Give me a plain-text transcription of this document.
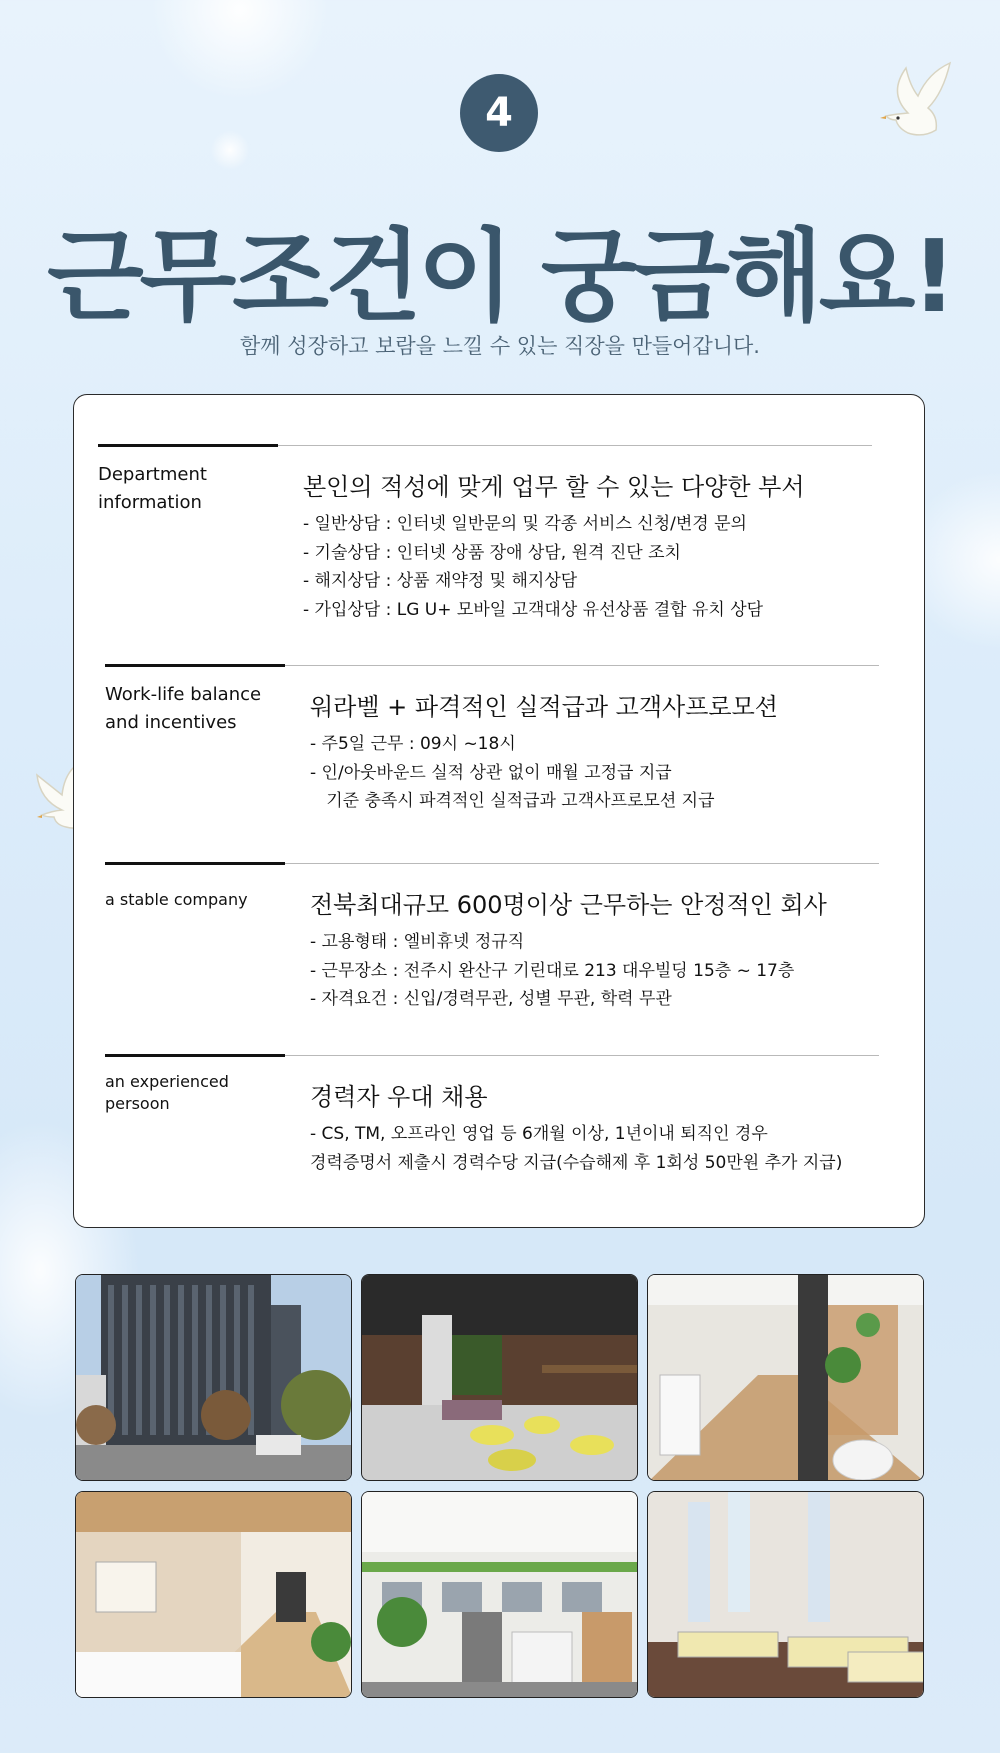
4
근무조건이 궁금해요!
함께 성장하고 보람을 느낄 수 있는 직장을 만들어갑니다.
Department
information
본인의 적성에 맞게 업무 할 수 있는 다양한 부서
- 일반상담 : 인터넷 일반문의 및 각종 서비스 신청/변경 문의
- 기술상담 : 인터넷 상품 장애 상담, 원격 진단 조치
- 해지상담 : 상품 재약정 및 해지상담
- 가입상담 : LG U+ 모바일 고객대상 유선상품 결합 유치 상담
Work-life balance
and incentives
워라벨 + 파격적인 실적급과 고객사프로모션
- 주5일 근무 : 09시 ~18시
- 인/아웃바운드 실적 상관 없이 매월 고정급 지급
기준 충족시 파격적인 실적급과 고객사프로모션 지급
a stable company	전북최대규모 600명이상 근무하는 안정적인 회사
- 고용형태 : 엘비휴넷 정규직
- 근무장소 : 전주시 완산구 기린대로 213 대우빌딩 15층 ~ 17층
- 자격요건 : 신입/경력무관, 성별 무관, 학력 무관
an experienced
persoon	경력자 우대 채용
- CS, TM, 오프라인 영업 등 6개월 이상, 1년이내 퇴직인 경우
경력증명서 제출시 경력수당 지급(수습해제 후 1회성 50만원 추가 지급)
